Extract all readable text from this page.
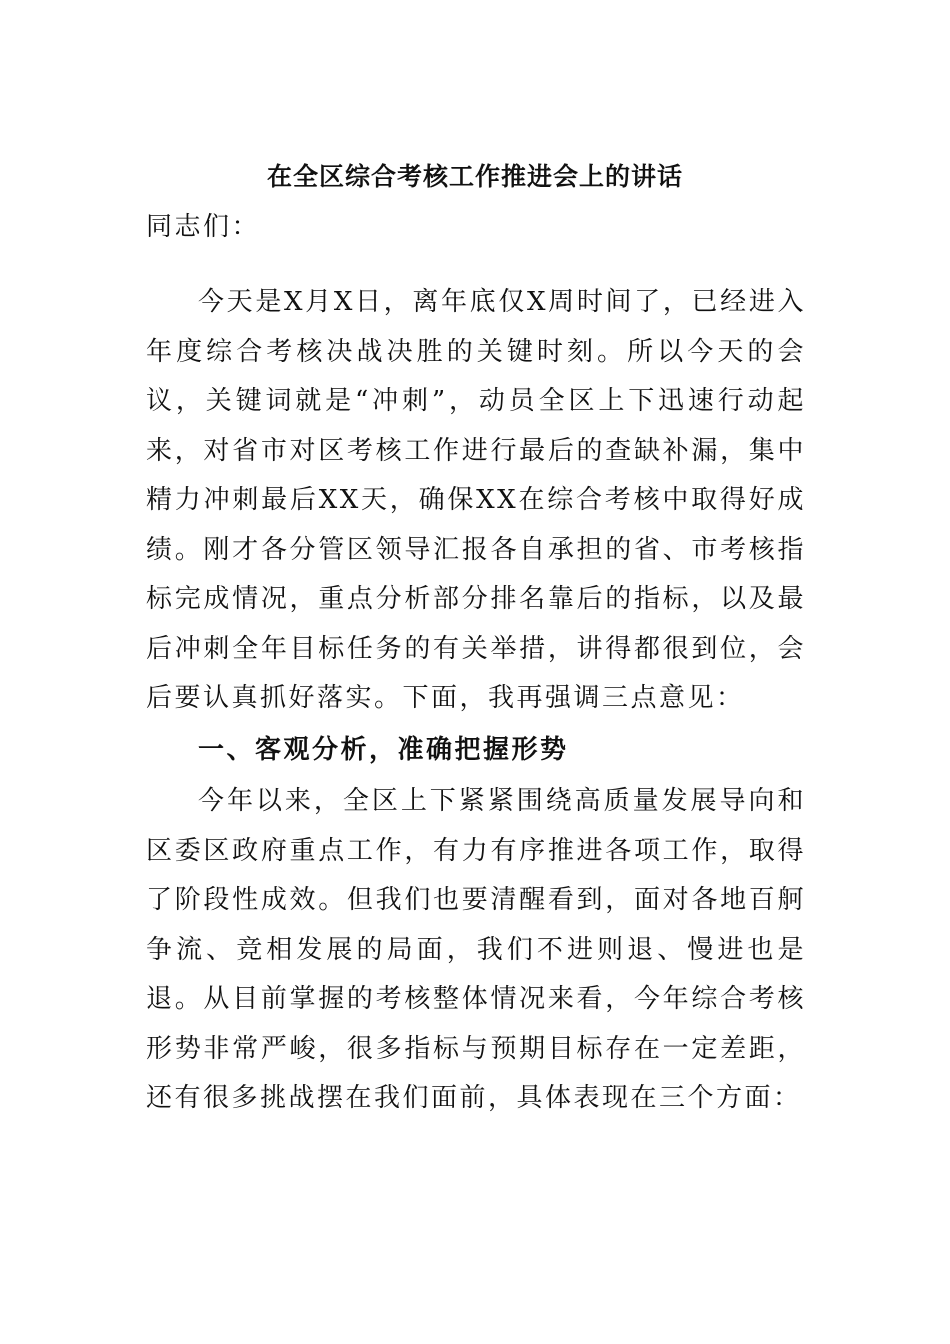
在全区综合考核工作推进会上的讲话

同志们：

今天是X月X日，离年底仅X周时间了，已经进入年度综合考核决战决胜的关键时刻。所以今天的会议，关键词就是“冲刺”，动员全区上下迅速行动起来，对省市对区考核工作进行最后的查缺补漏，集中精力冲刺最后XX天，确保XX在综合考核中取得好成绩。刚才各分管区领导汇报各自承担的省、市考核指标完成情况，重点分析部分排名靠后的指标，以及最后冲刺全年目标任务的有关举措，讲得都很到位，会后要认真抓好落实。下面，我再强调三点意见：

一、客观分析，准确把握形势

今年以来，全区上下紧紧围绕高质量发展导向和区委区政府重点工作，有力有序推进各项工作，取得了阶段性成效。但我们也要清醒看到，面对各地百舸争流、竞相发展的局面，我们不进则退、慢进也是退。从目前掌握的考核整体情况来看，今年综合考核形势非常严峻，很多指标与预期目标存在一定差距，还有很多挑战摆在我们面前，具体表现在三个方面：
